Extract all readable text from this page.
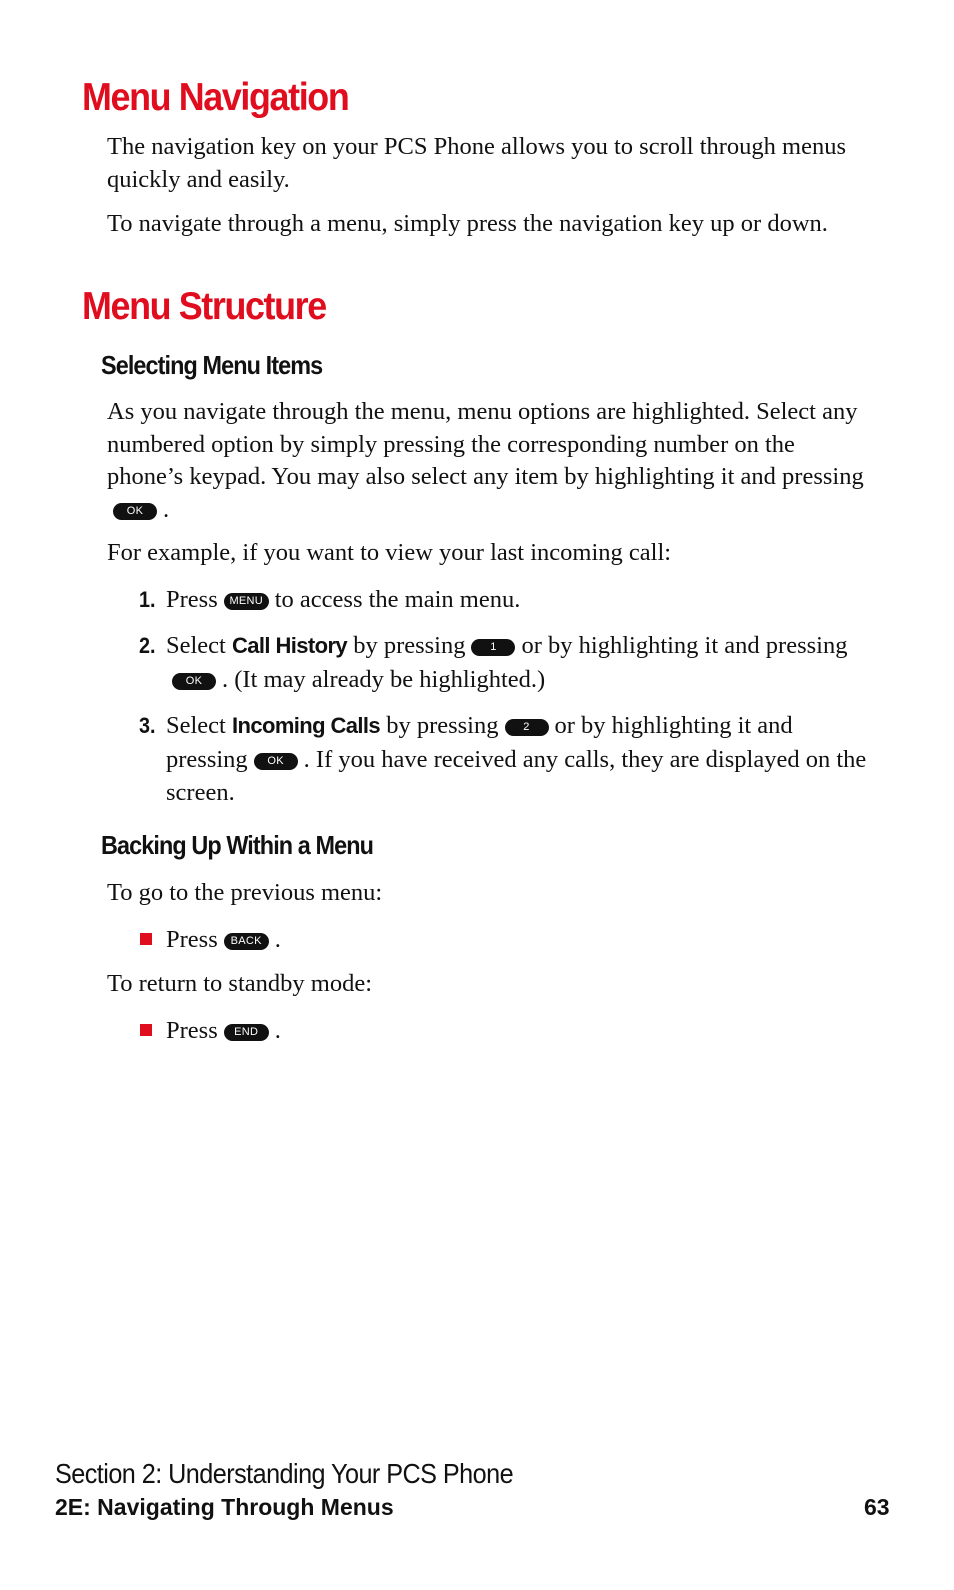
Menu Navigation

The navigation key on your PCS Phone allows you to scroll through menus quickly and easily.

To navigate through a menu, simply press the navigation key up or down.

Menu Structure
Selecting Menu Items

As you navigate through the menu, menu options are highlighted. Select any numbered option by simply pressing the corresponding number on the phone’s keypad. You may also select any item by highlighting it and pressingOK .

For example, if you want to view your last incoming call:

1. Press MENU to access the main menu.
2. Select Call History by pressing 1 or by highlighting it and pressingOK . (It may already be highlighted.)
3. Select Incoming Calls by pressing 2 or by highlighting it and pressing OK . If you have received any calls, they are displayed on the screen.
Backing Up Within a Menu

To go to the previous menu:

Press BACK .

To return to standby mode:

Press END .
Section 2: Understanding Your PCS Phone
2E: Navigating Through Menus	63
